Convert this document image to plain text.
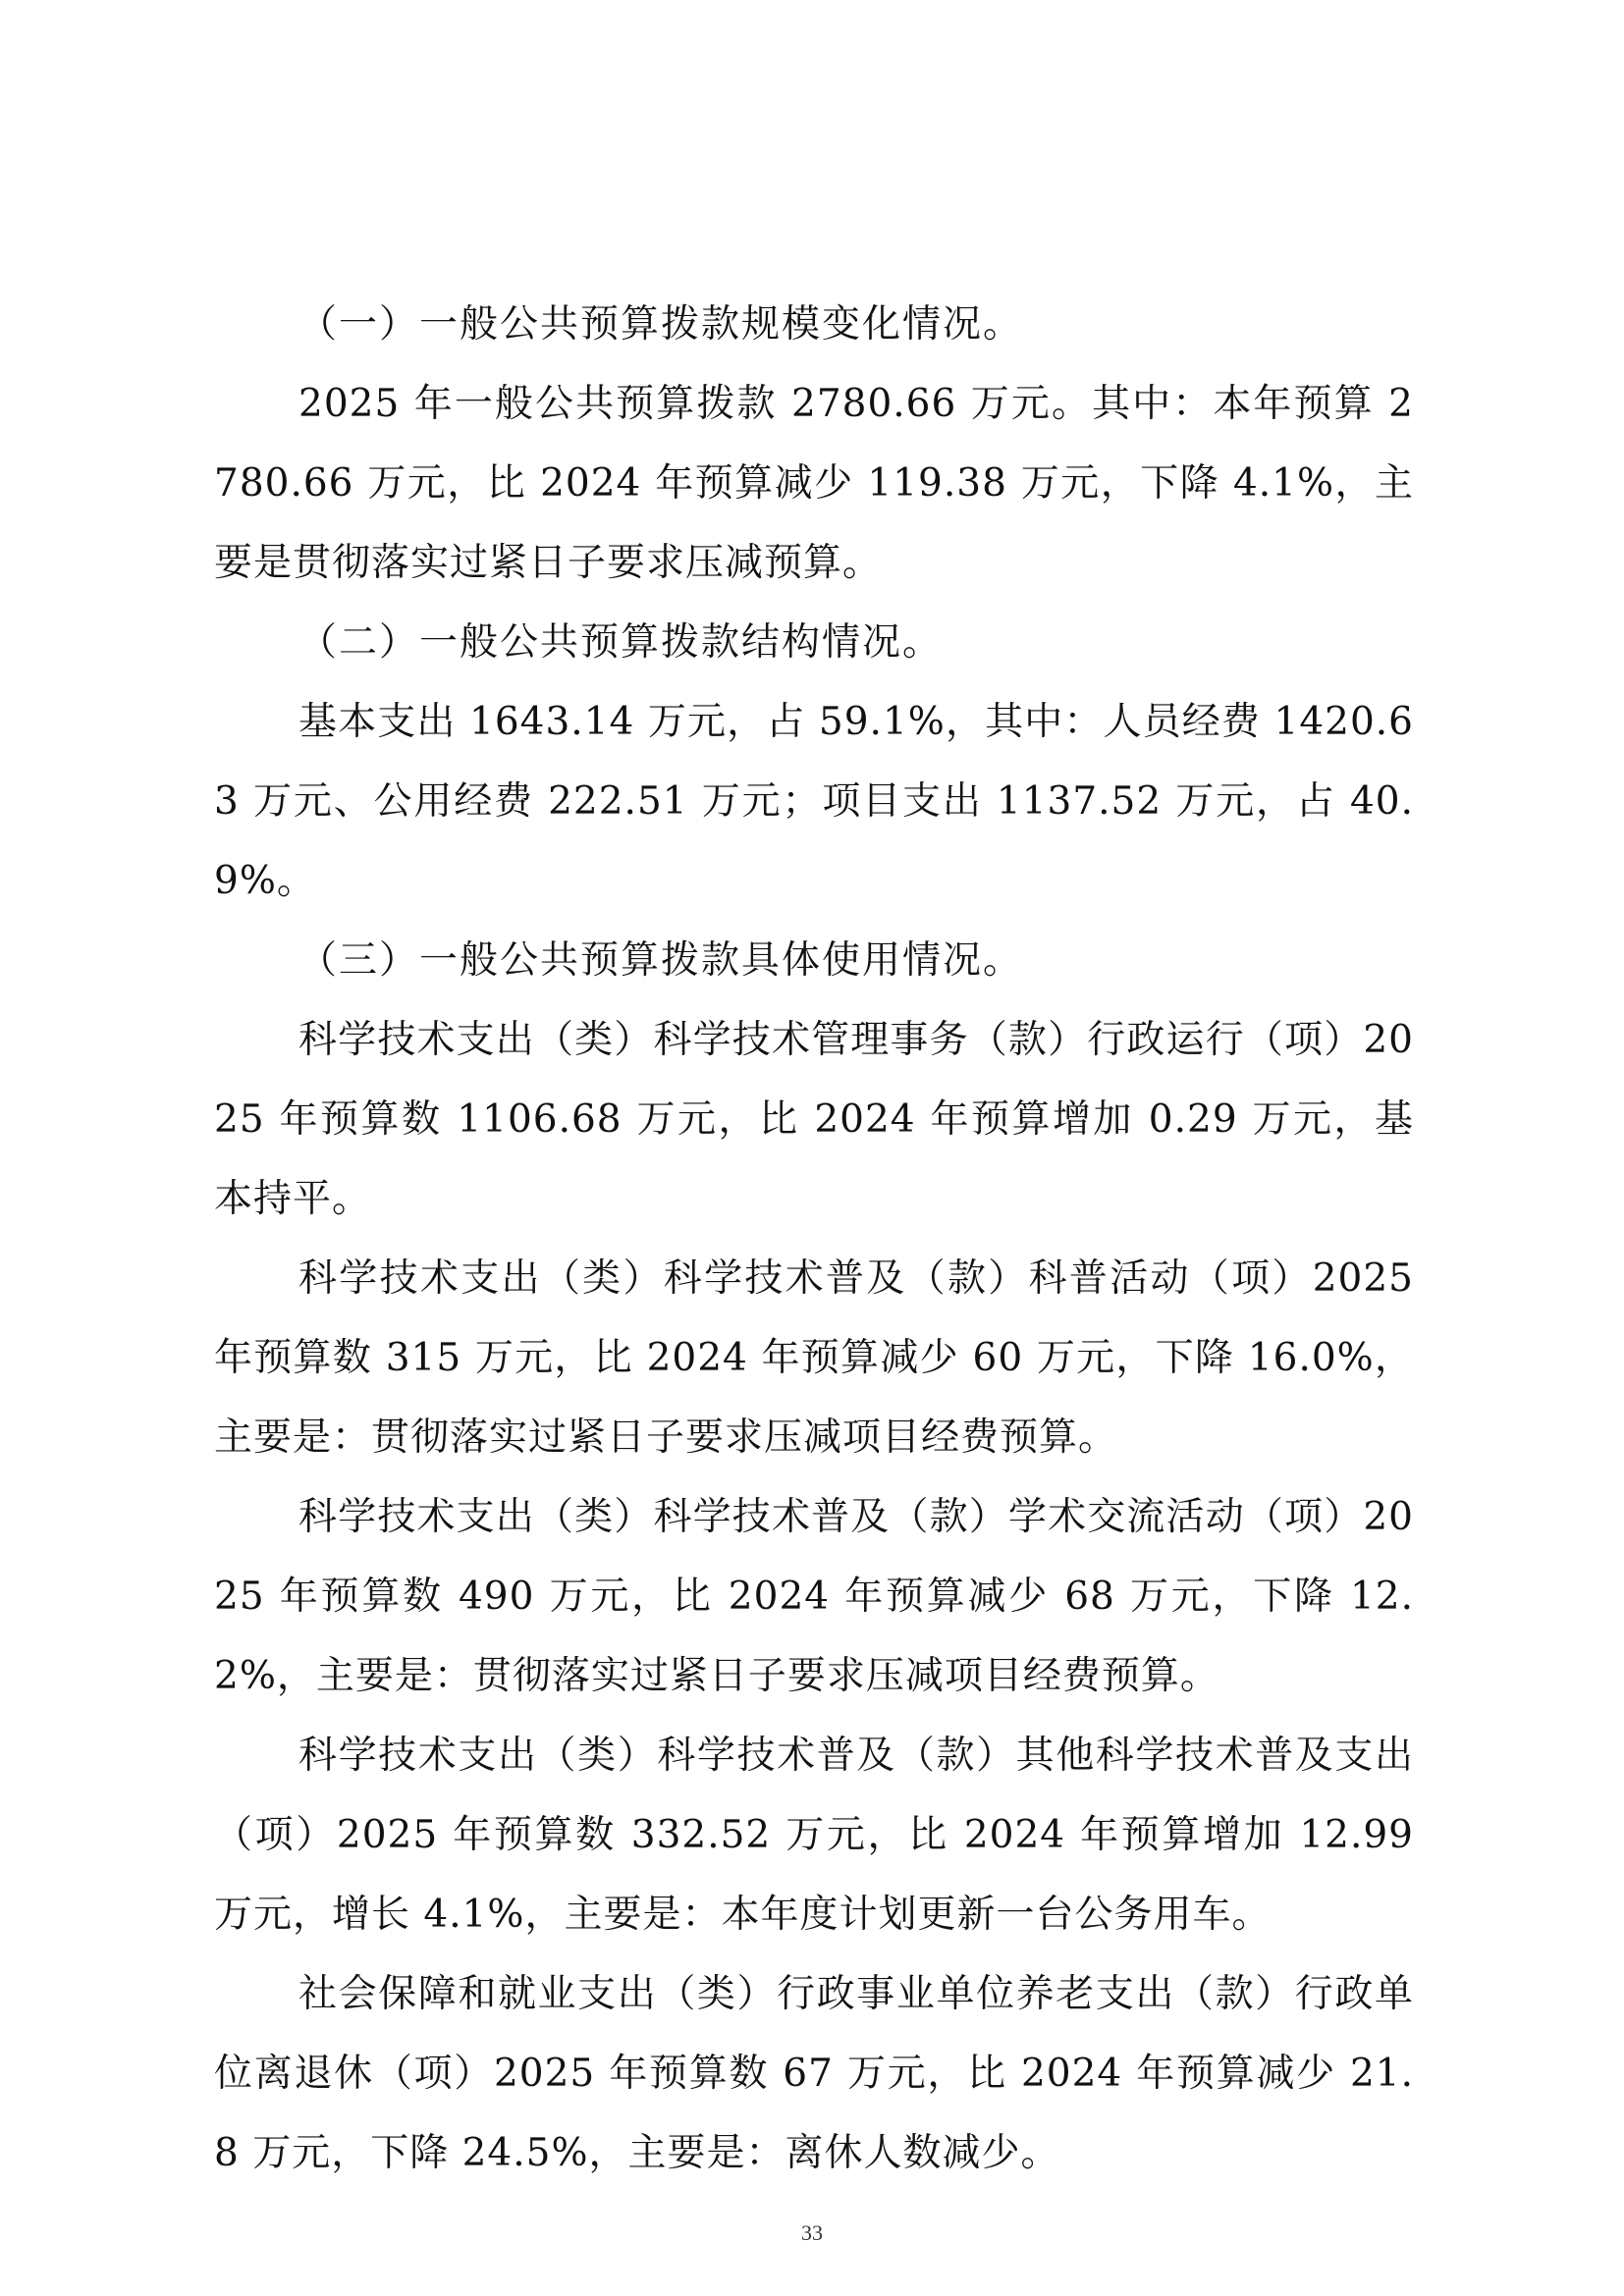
（一）一般公共预算拨款规模变化情况。

2025 年一般公共预算拨款 2780.66 万元。其中：本年预算 2780.66 万元，比 2024 年预算减少 119.38 万元，下降 4.1%，主要是贯彻落实过紧日子要求压减预算。

（二）一般公共预算拨款结构情况。

基本支出 1643.14 万元，占 59.1%，其中：人员经费 1420.63 万元、公用经费 222.51 万元；项目支出 1137.52 万元，占 40.9%。

（三）一般公共预算拨款具体使用情况。

科学技术支出（类）科学技术管理事务（款）行政运行（项）2025 年预算数 1106.68 万元，比 2024 年预算增加 0.29 万元，基本持平。

科学技术支出（类）科学技术普及（款）科普活动（项）2025 年预算数 315 万元，比 2024 年预算减少 60 万元，下降 16.0%，主要是：贯彻落实过紧日子要求压减项目经费预算。

科学技术支出（类）科学技术普及（款）学术交流活动（项）2025 年预算数 490 万元，比 2024 年预算减少 68 万元，下降 12.2%，主要是：贯彻落实过紧日子要求压减项目经费预算。

科学技术支出（类）科学技术普及（款）其他科学技术普及支出（项）2025 年预算数 332.52 万元，比 2024 年预算增加 12.99 万元，增长 4.1%，主要是：本年度计划更新一台公务用车。

社会保障和就业支出（类）行政事业单位养老支出（款）行政单位离退休（项）2025 年预算数 67 万元，比 2024 年预算减少 21.8 万元，下降 24.5%，主要是：离休人数减少。

33
